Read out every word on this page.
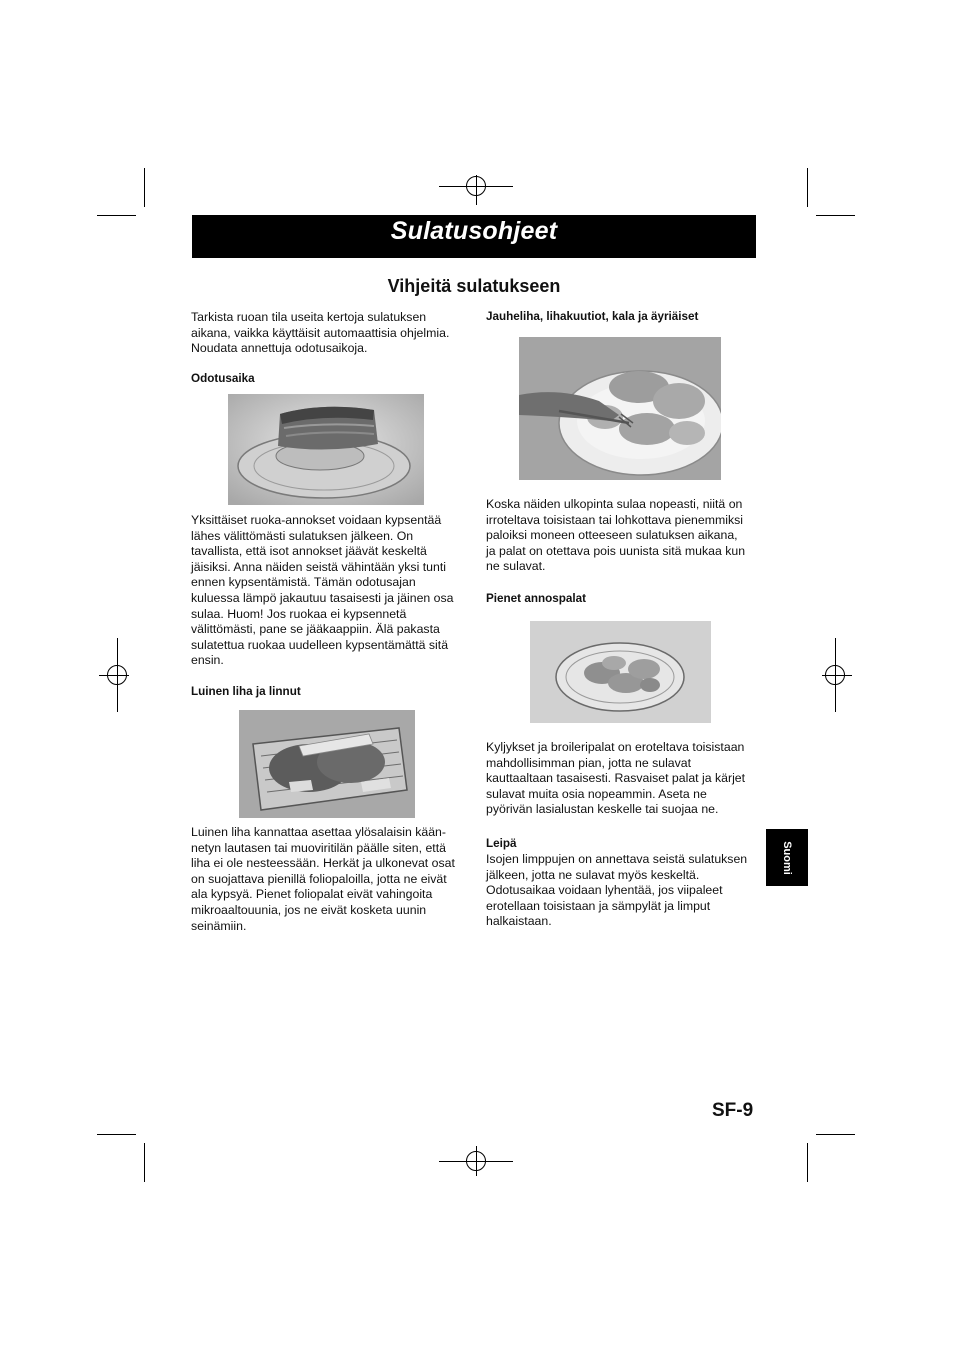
Sulatusohjeet
Vihjeitä sulatukseen
Tarkista ruoan tila useita kertoja sulatuksen
aikana, vaikka käyttäisit automaattisia ohjelmia.
Noudata annettuja odotusaikoja.
Odotusaika
Yksittäiset ruoka-annokset voidaan kypsentää
lähes välittömästi sulatuksen jälkeen. On
tavallista, että isot annokset jäävät keskeltä
jäisiksi. Anna näiden seistä vähintään yksi tunti
ennen kypsentämistä. Tämän odotusajan
kuluessa lämpö jakautuu tasaisesti ja jäinen osa
sulaa. Huom! Jos ruokaa ei kypsennetä
välittömästi, pane se jääkaappiin. Älä pakasta
sulatettua ruokaa uudelleen kypsentämättä sitä
ensin.
Luinen liha ja linnut
Luinen liha kannattaa asettaa ylösalaisin kään-
netyn lautasen tai muoviritilän päälle siten, että
liha ei ole nesteessään. Herkät ja ulkonevat osat
on suojattava pienillä foliopaloilla, jotta ne eivät
ala kypsyä. Pienet foliopalat eivät vahingoita
mikroaaltouunia, jos ne eivät kosketa uunin
seinämiin.
Jauheliha, lihakuutiot, kala ja äyriäiset
Koska näiden ulkopinta sulaa nopeasti, niitä on
irroteltava toisistaan tai lohkottava pienemmiksi
paloiksi moneen otteeseen sulatuksen aikana,
ja palat on otettava pois uunista sitä mukaa kun
ne sulavat.
Pienet annospalat
Kyljykset ja broileripalat on eroteltava toisistaan
mahdollisimman pian, jotta ne sulavat
kauttaaltaan tasaisesti. Rasvaiset palat ja kärjet
sulavat muita osia nopeammin. Aseta ne
pyörivän lasialustan keskelle tai suojaa ne.
Leipä
Isojen limppujen on annettava seistä sulatuksen
jälkeen, jotta ne sulavat myös keskeltä.
Odotusaikaa voidaan lyhentää, jos viipaleet
erotellaan toisistaan ja sämpylät ja limput
halkaistaan.
Suomi
SF-9
